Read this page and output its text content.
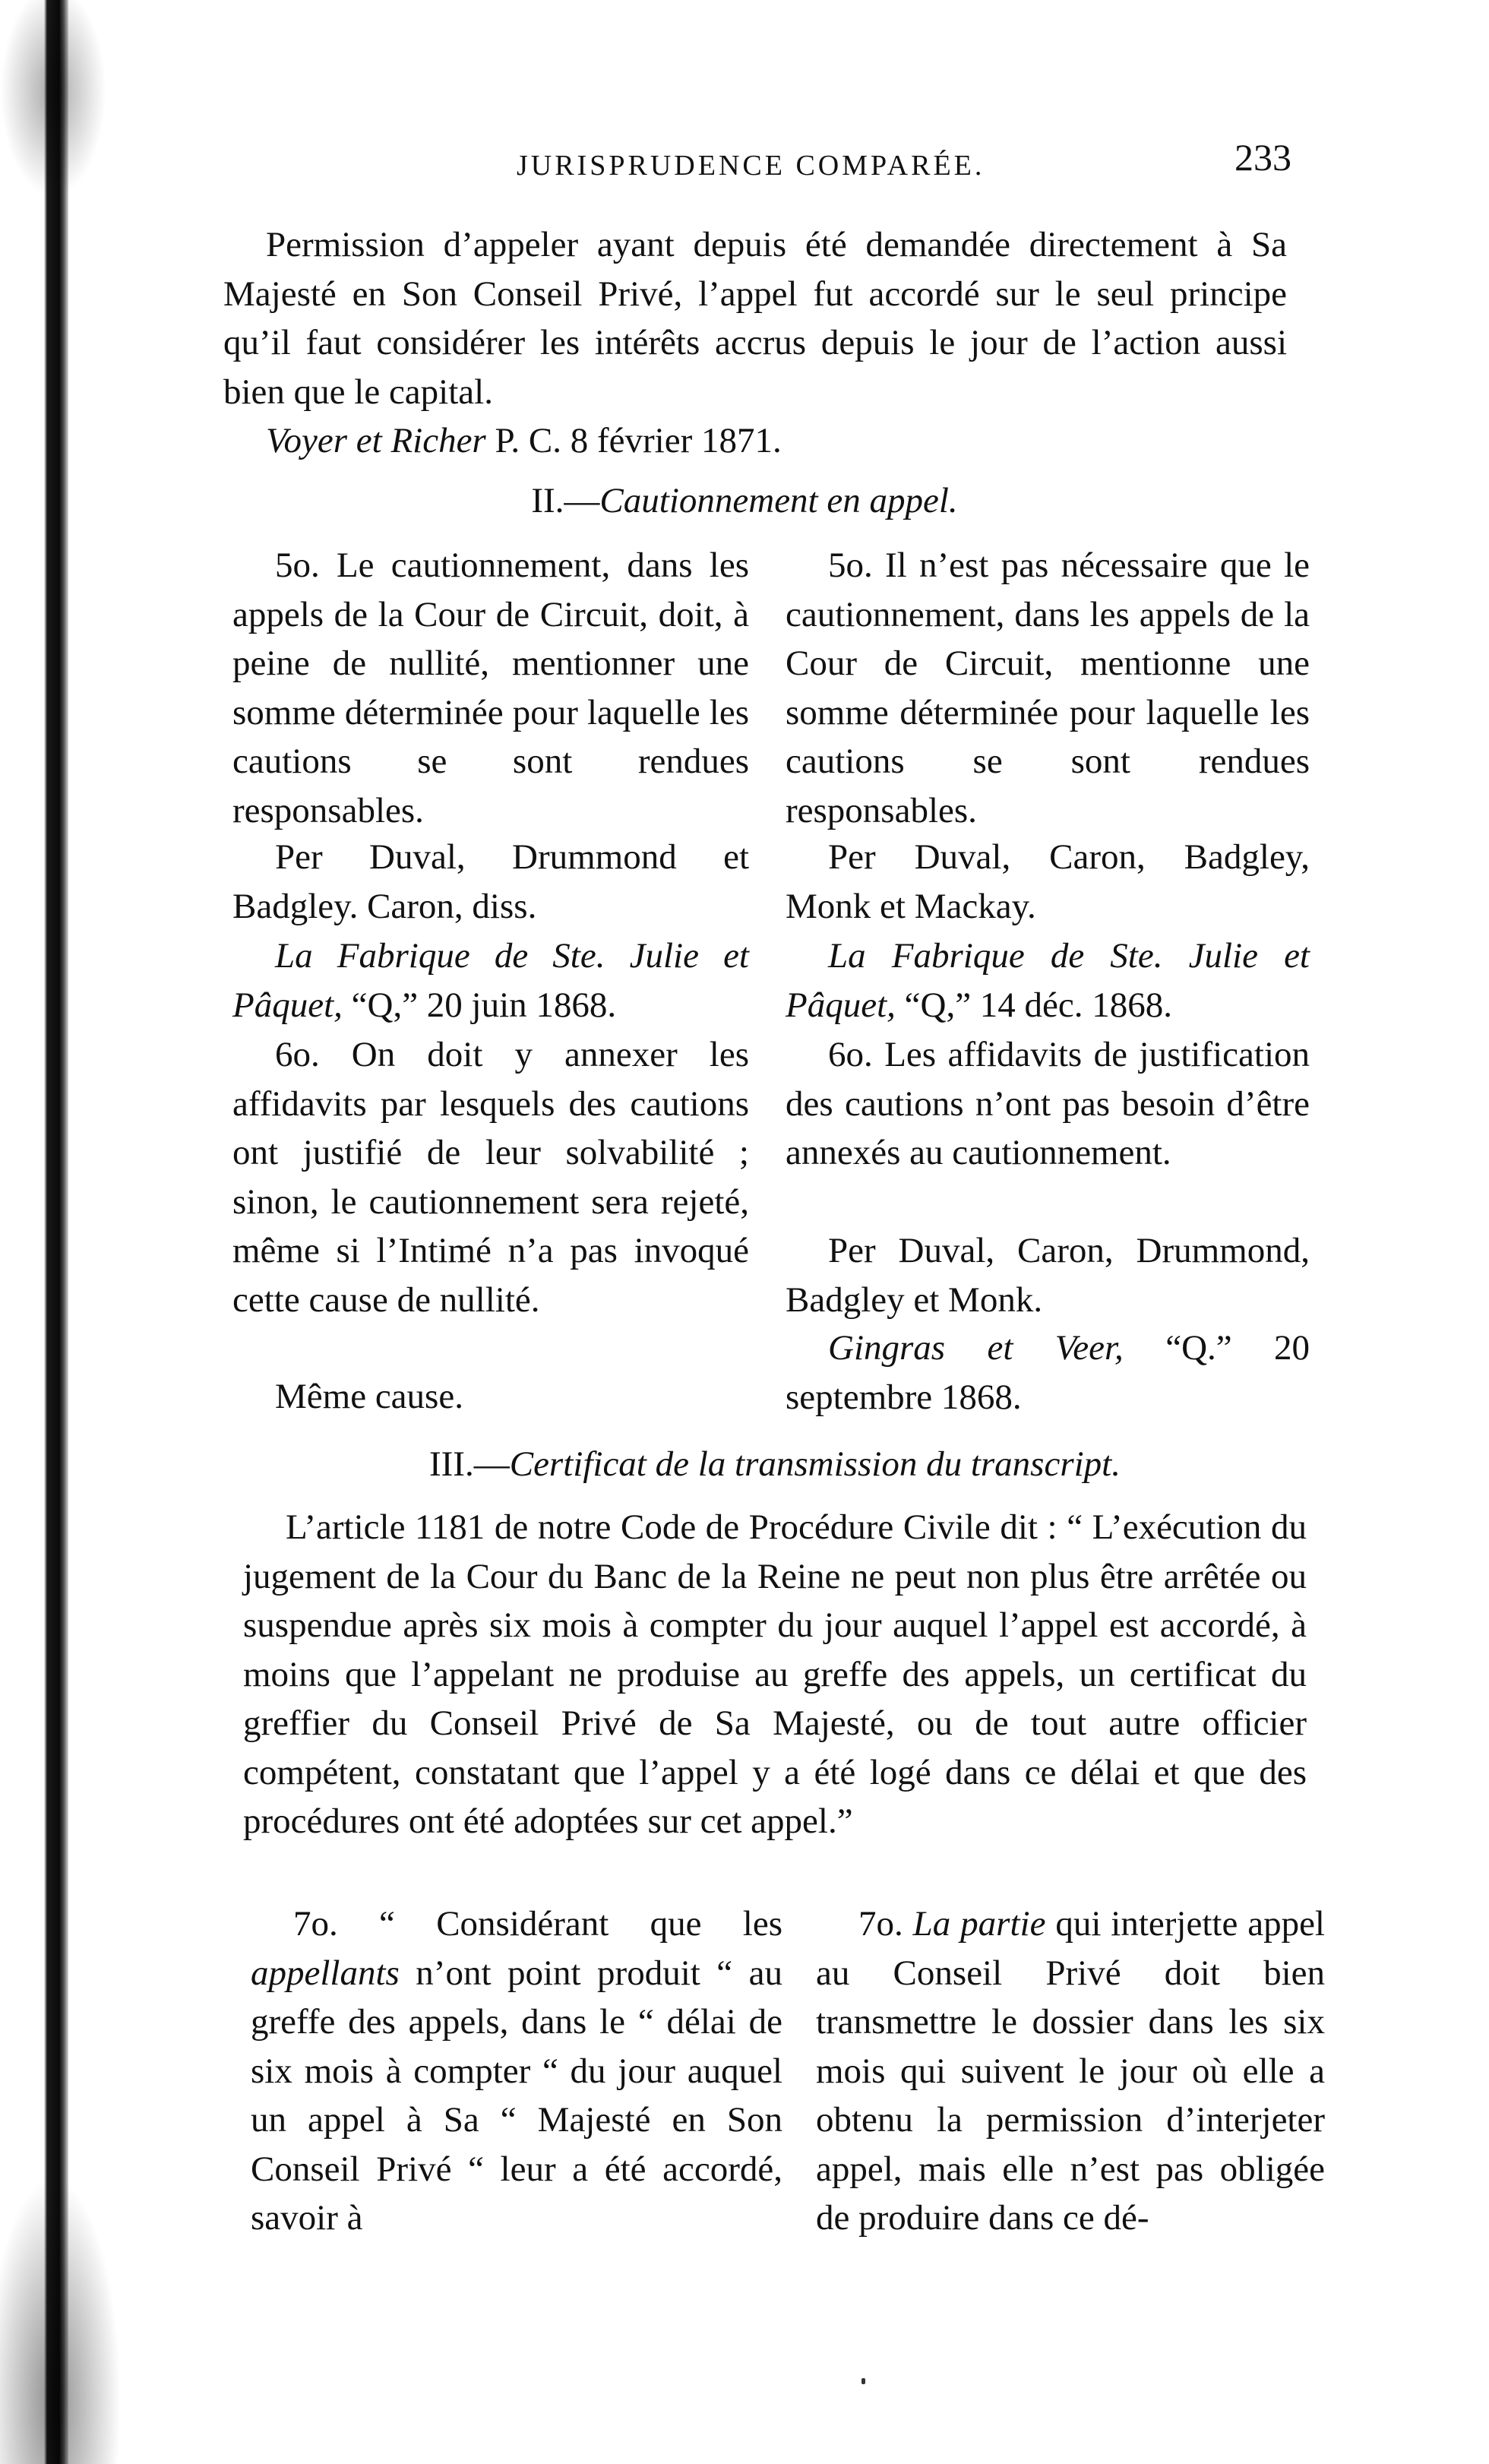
JURISPRUDENCE COMPARÉE.	233

Permission d’appeler ayant depuis été demandée directement à Sa Majesté en Son Conseil Privé, l’appel fut accordé sur le seul principe qu’il faut considérer les intérêts accrus depuis le jour de l’action aussi bien que le capital.

Voyer et Richer P. C. 8 février 1871.

II.—Cautionnement en appel.

5o. Le cautionnement, dans les appels de la Cour de Circuit, doit, à peine de nullité, mentionner une somme déterminée pour laquelle les cautions se sont rendues responsables.

Per Duval, Drummond et Badgley. Caron, diss.

La Fabrique de Ste. Julie et Pâquet, “Q,” 20 juin 1868.

6o. On doit y annexer les affidavits par lesquels des cautions ont justifié de leur solvabilité ; sinon, le cautionnement sera rejeté, même si l’Intimé n’a pas invoqué cette cause de nullité.

Même cause.

5o. Il n’est pas nécessaire que le cautionnement, dans les appels de la Cour de Circuit, mentionne une somme déterminée pour laquelle les cautions se sont rendues responsables.

Per Duval, Caron, Badgley, Monk et Mackay.

La Fabrique de Ste. Julie et Pâquet, “Q,” 14 déc. 1868.

6o. Les affidavits de justification des cautions n’ont pas besoin d’être annexés au cautionnement.

Per Duval, Caron, Drummond, Badgley et Monk.

Gingras et Veer, “Q.” 20 septembre 1868.

III.—Certificat de la transmission du transcript.

L’article 1181 de notre Code de Procédure Civile dit : “ L’exécution du jugement de la Cour du Banc de la Reine ne peut non plus être arrêtée ou suspendue après six mois à compter du jour auquel l’appel est accordé, à moins que l’appelant ne produise au greffe des appels, un certificat du greffier du Conseil Privé de Sa Majesté, ou de tout autre officier compétent, constatant que l’appel y a été logé dans ce délai et que des procédures ont été adoptées sur cet appel.”

7o. “ Considérant que les appellants n’ont point produit “ au greffe des appels, dans le “ délai de six mois à compter “ du jour auquel un appel à Sa “ Majesté en Son Conseil Privé “ leur a été accordé, savoir à

7o. La partie qui interjette appel au Conseil Privé doit bien transmettre le dossier dans les six mois qui suivent le jour où elle a obtenu la permission d’interjeter appel, mais elle n’est pas obligée de produire dans ce dé-
